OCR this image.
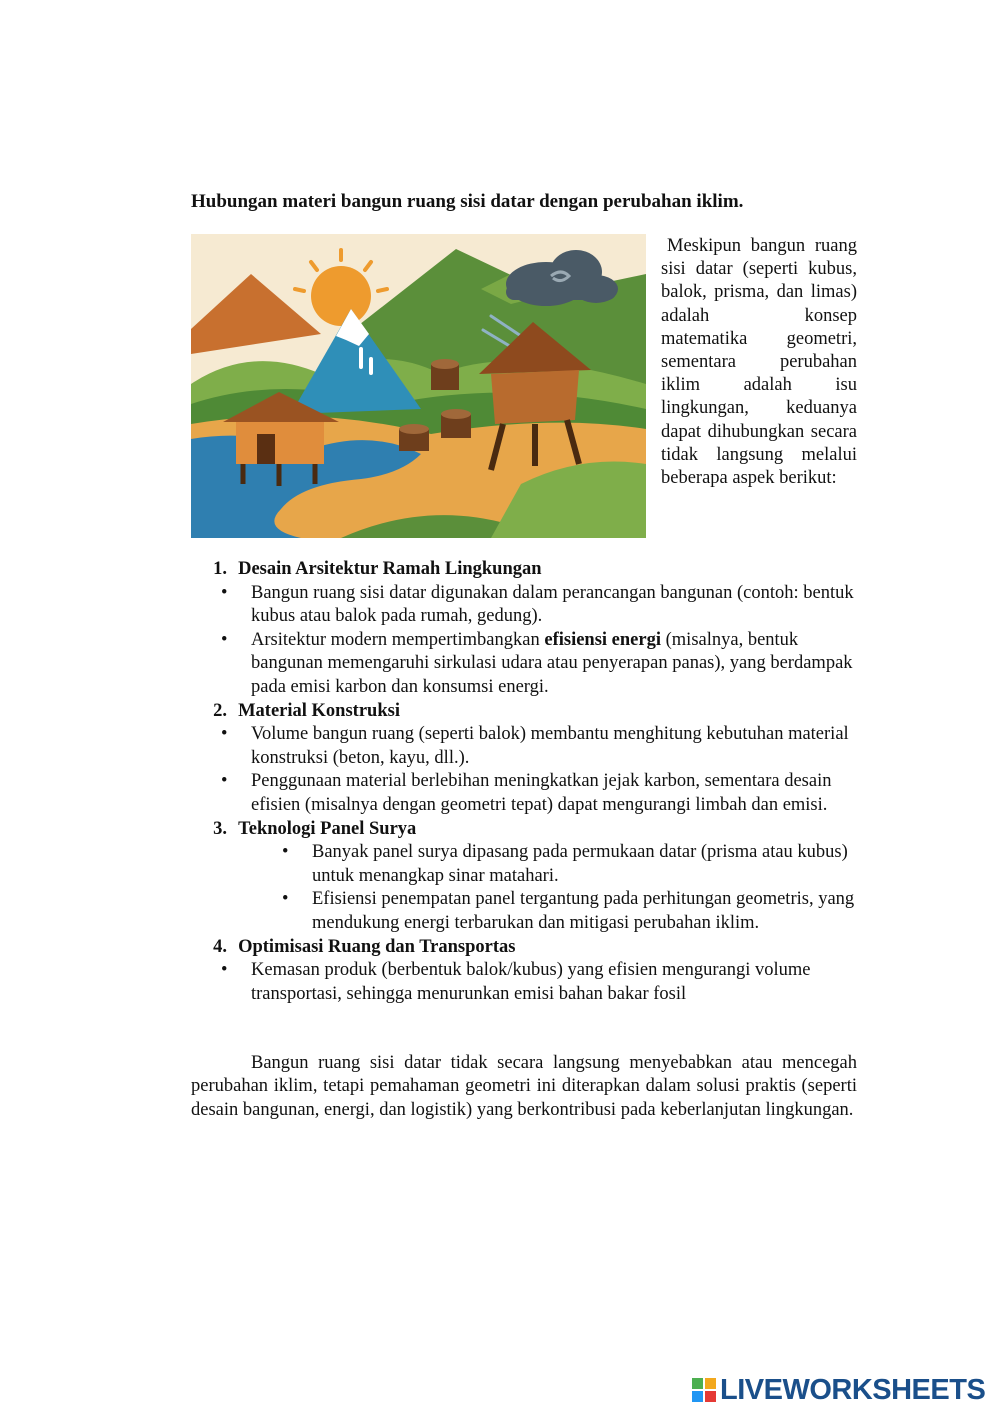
Hubungan materi bangun ruang sisi datar dengan perubahan iklim.
Meskipun bangun ruang sisi datar (seperti kubus, balok, prisma, dan limas) adalah konsep matematika geometri, sementara perubahan iklim adalah isu lingkungan, keduanya dapat dihubungkan secara tidak langsung melalui beberapa aspek berikut:
1. Desain Arsitektur Ramah Lingkungan
• Bangun ruang sisi datar digunakan dalam perancangan bangunan (contoh: bentuk kubus atau balok pada rumah, gedung).
• Arsitektur modern mempertimbangkan efisiensi energi (misalnya, bentuk bangunan memengaruhi sirkulasi udara atau penyerapan panas), yang berdampak pada emisi karbon dan konsumsi energi.
2. Material Konstruksi
• Volume bangun ruang (seperti balok) membantu menghitung kebutuhan material konstruksi (beton, kayu, dll.).
• Penggunaan material berlebihan meningkatkan jejak karbon, sementara desain efisien (misalnya dengan geometri tepat) dapat mengurangi limbah dan emisi.
3. Teknologi Panel Surya
• Banyak panel surya dipasang pada permukaan datar (prisma atau kubus) untuk menangkap sinar matahari.
• Efisiensi penempatan panel tergantung pada perhitungan geometris, yang mendukung energi terbarukan dan mitigasi perubahan iklim.
4. Optimisasi Ruang dan Transportas
• Kemasan produk (berbentuk balok/kubus) yang efisien mengurangi volume transportasi, sehingga menurunkan emisi bahan bakar fosil
Bangun ruang sisi datar tidak secara langsung menyebabkan atau mencegah perubahan iklim, tetapi pemahaman geometri ini diterapkan dalam solusi praktis (seperti desain bangunan, energi, dan logistik) yang berkontribusi pada keberlanjutan lingkungan.
LIVEWORKSHEETS
